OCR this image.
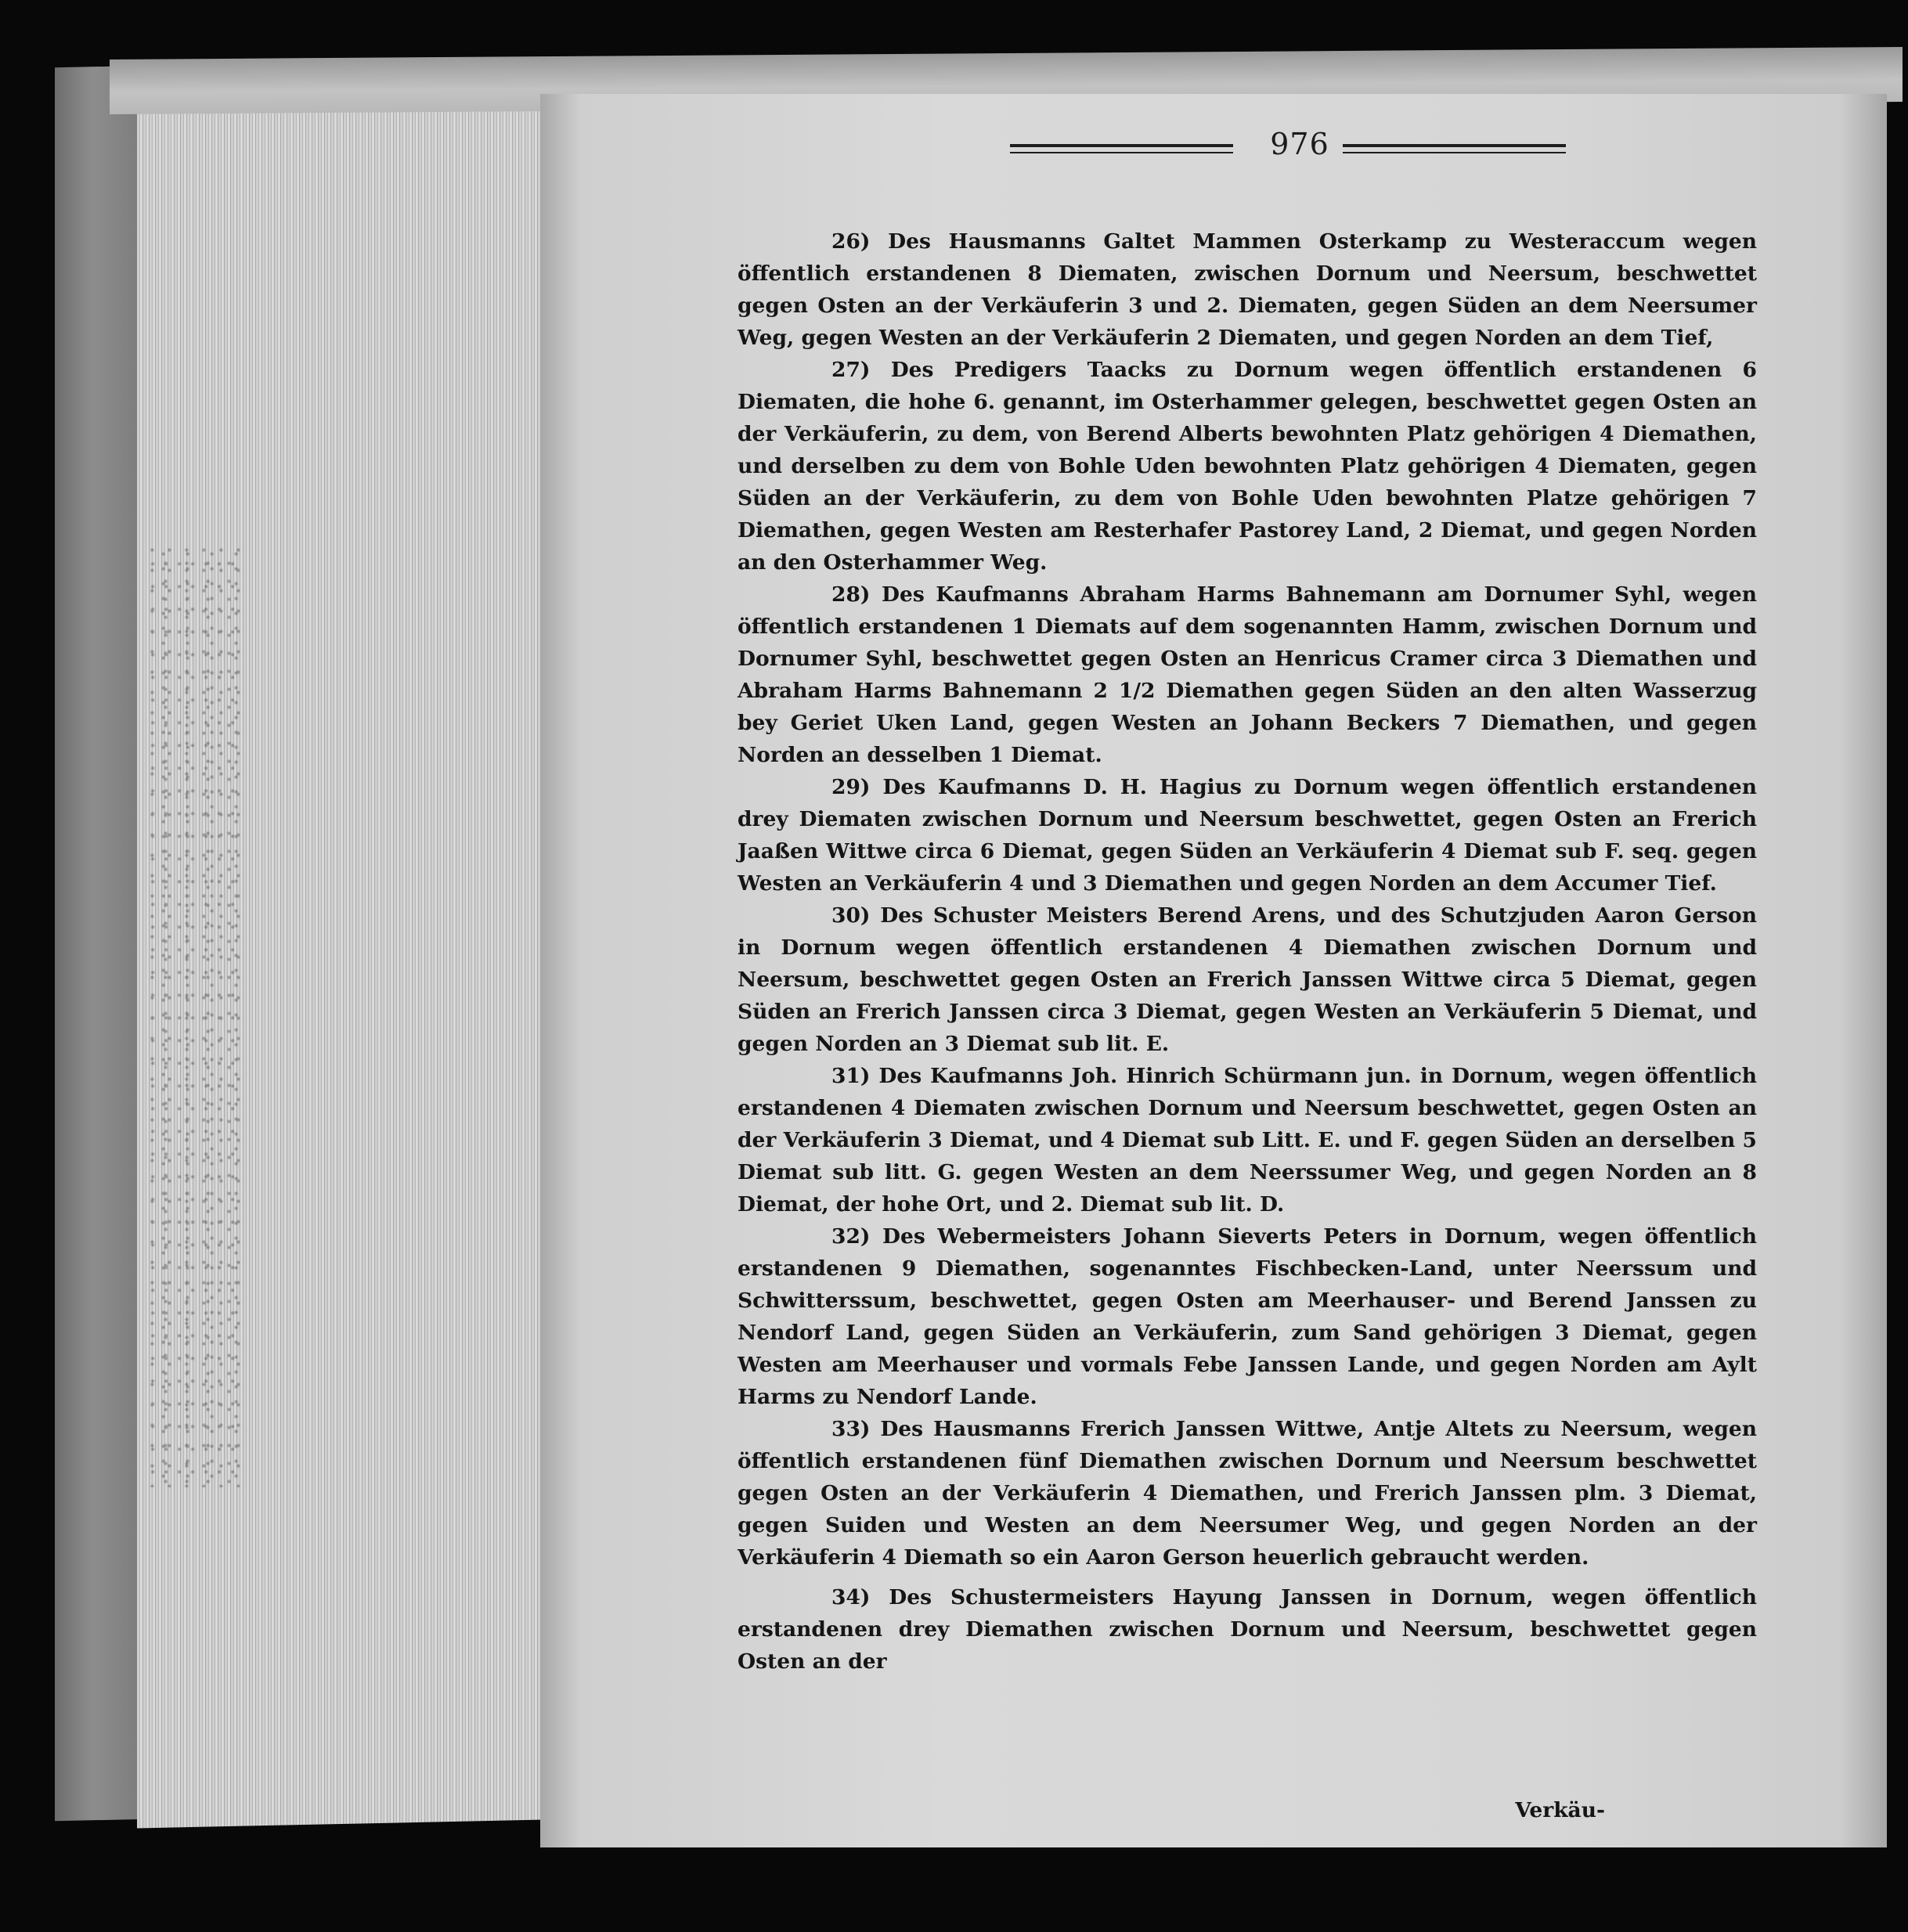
976

26) Des Hausmanns Galtet Mammen Osterkamp zu Westeraccum wegen öffentlich erstandenen 8 Diematen, zwischen Dornum und Neersum, beschwettet gegen Osten an der Verkäuferin 3 und 2. Diematen, gegen Süden an dem Neersumer Weg, gegen Westen an der Verkäuferin 2 Diematen, und gegen Norden an dem Tief,

27) Des Predigers Taacks zu Dornum wegen öffentlich erstandenen 6 Diematen, die hohe 6. genannt, im Osterhammer gelegen, beschwettet gegen Osten an der Verkäuferin, zu dem, von Berend Alberts bewohnten Platz gehörigen 4 Diemathen, und derselben zu dem von Bohle Uden bewohnten Platz gehörigen 4 Diematen, gegen Süden an der Verkäuferin, zu dem von Bohle Uden bewohnten Platze gehörigen 7 Diemathen, gegen Westen am Resterhafer Pastorey Land, 2 Diemat, und gegen Norden an den Osterhammer Weg.

28) Des Kaufmanns Abraham Harms Bahnemann am Dornumer Syhl, wegen öffentlich erstandenen 1 Diemats auf dem sogenannten Hamm, zwischen Dornum und Dornumer Syhl, beschwettet gegen Osten an Henricus Cramer circa 3 Diemathen und Abraham Harms Bahnemann 2 1/2 Diemathen gegen Süden an den alten Wasserzug bey Geriet Uken Land, gegen Westen an Johann Beckers 7 Diemathen, und gegen Norden an desselben 1 Diemat.

29) Des Kaufmanns D. H. Hagius zu Dornum wegen öffentlich erstandenen drey Diematen zwischen Dornum und Neersum beschwettet, gegen Osten an Frerich Jaaßen Wittwe circa 6 Diemat, gegen Süden an Verkäuferin 4 Diemat sub F. seq. gegen Westen an Verkäuferin 4 und 3 Diemathen und gegen Norden an dem Accumer Tief.

30) Des Schuster Meisters Berend Arens, und des Schutzjuden Aaron Gerson in Dornum wegen öffentlich erstandenen 4 Diemathen zwischen Dornum und Neersum, beschwettet gegen Osten an Frerich Janssen Wittwe circa 5 Diemat, gegen Süden an Frerich Janssen circa 3 Diemat, gegen Westen an Verkäuferin 5 Diemat, und gegen Norden an 3 Diemat sub lit. E.

31) Des Kaufmanns Joh. Hinrich Schürmann jun. in Dornum, wegen öffentlich erstandenen 4 Diematen zwischen Dornum und Neersum beschwettet, gegen Osten an der Verkäuferin 3 Diemat, und 4 Diemat sub Litt. E. und F. gegen Süden an derselben 5 Diemat sub litt. G. gegen Westen an dem Neerssumer Weg, und gegen Norden an 8 Diemat, der hohe Ort, und 2. Diemat sub lit. D.

32) Des Webermeisters Johann Sieverts Peters in Dornum, wegen öffentlich erstandenen 9 Diemathen, sogenanntes Fischbecken-Land, unter Neerssum und Schwitterssum, beschwettet, gegen Osten am Meerhauser- und Berend Janssen zu Nendorf Land, gegen Süden an Verkäuferin, zum Sand gehörigen 3 Diemat, gegen Westen am Meerhauser und vormals Febe Janssen Lande, und gegen Norden am Aylt Harms zu Nendorf Lande.

33) Des Hausmanns Frerich Janssen Wittwe, Antje Altets zu Neersum, wegen öffentlich erstandenen fünf Diemathen zwischen Dornum und Neersum beschwettet gegen Osten an der Verkäuferin 4 Diemathen, und Frerich Janssen plm. 3 Diemat, gegen Suiden und Westen an dem Neersumer Weg, und gegen Norden an der Verkäuferin 4 Diemath so ein Aaron Gerson heuerlich gebraucht werden.

34) Des Schustermeisters Hayung Janssen in Dornum, wegen öffentlich erstandenen drey Diemathen zwischen Dornum und Neersum, beschwettet gegen Osten an der

Verkäu-
